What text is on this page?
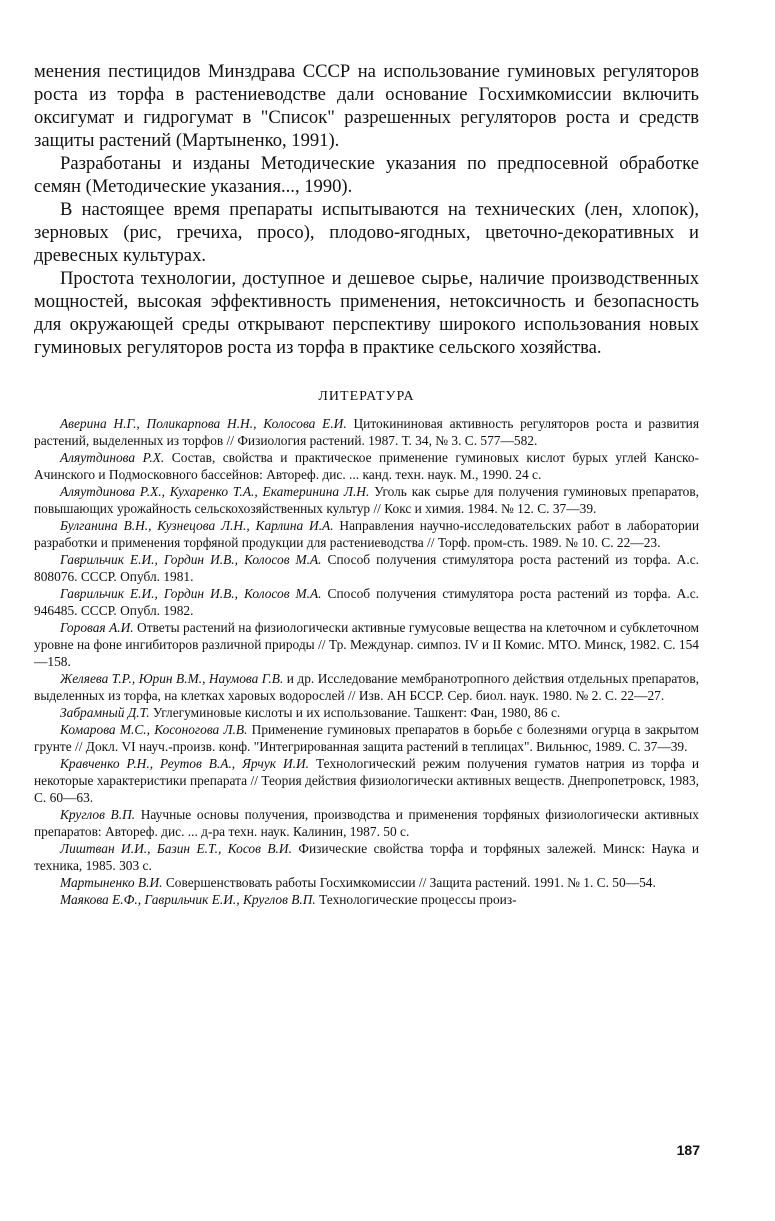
менения пестицидов Минздрава СССР на использование гуминовых регуляторов роста из торфа в растениеводстве дали основание Госхимкомиссии включить оксигумат и гидрогумат в "Список" разрешенных регуляторов роста и средств защиты растений (Мартыненко, 1991).

Разработаны и изданы Методические указания по предпосевной обработке семян (Методические указания..., 1990).

В настоящее время препараты испытываются на технических (лен, хлопок), зерновых (рис, гречиха, просо), плодово-ягодных, цветочно-декоративных и древесных культурах.

Простота технологии, доступное и дешевое сырье, наличие производственных мощностей, высокая эффективность применения, нетоксичность и безопасность для окружающей среды открывают перспективу широкого использования новых гуминовых регуляторов роста из торфа в практике сельского хозяйства.

ЛИТЕРАТУРА

Аверина Н.Г., Поликарпова Н.Н., Колосова Е.И. Цитокининовая активность регуляторов роста и развития растений, выделенных из торфов // Физиология растений. 1987. Т. 34, № 3. С. 577—582.

Аляутдинова Р.Х. Состав, свойства и практическое применение гуминовых кислот бурых углей Канско-Ачинского и Подмосковного бассейнов: Автореф. дис. ... канд. техн. наук. М., 1990. 24 с.

Аляутдинова Р.Х., Кухаренко Т.А., Екатеринина Л.Н. Уголь как сырье для получения гуминовых препаратов, повышающих урожайность сельскохозяйственных культур // Кокс и химия. 1984. № 12. С. 37—39.

Булганина В.Н., Кузнецова Л.Н., Карлина И.А. Направления научно-исследовательских работ в лаборатории разработки и применения торфяной продукции для растениеводства // Торф. пром-сть. 1989. № 10. С. 22—23.

Гаврильчик Е.И., Гордин И.В., Колосов М.А. Способ получения стимулятора роста растений из торфа. А.с. 808076. СССР. Опубл. 1981.

Гаврильчик Е.И., Гордин И.В., Колосов М.А. Способ получения стимулятора роста растений из торфа. А.с. 946485. СССР. Опубл. 1982.

Горовая А.И. Ответы растений на физиологически активные гумусовые вещества на клеточном и субклеточном уровне на фоне ингибиторов различной природы // Тр. Междунар. симпоз. IV и II Комис. МТО. Минск, 1982. С. 154—158.

Желяева Т.Р., Юрин В.М., Наумова Г.В. и др. Исследование мембранотропного действия отдельных препаратов, выделенных из торфа, на клетках харовых водорослей // Изв. АН БССР. Сер. биол. наук. 1980. № 2. С. 22—27.

Забрамный Д.Т. Углегуминовые кислоты и их использование. Ташкент: Фан, 1980, 86 с.

Комарова М.С., Косоногова Л.В. Применение гуминовых препаратов в борьбе с болезнями огурца в закрытом грунте // Докл. VI науч.-произв. конф. "Интегрированная защита растений в теплицах". Вильнюс, 1989. С. 37—39.

Кравченко Р.Н., Реутов В.А., Ярчук И.И. Технологический режим получения гуматов натрия из торфа и некоторые характеристики препарата // Теория действия физиологически активных веществ. Днепропетровск, 1983, С. 60—63.

Круглов В.П. Научные основы получения, производства и применения торфяных физиологически активных препаратов: Автореф. дис. ... д-ра техн. наук. Калинин, 1987. 50 с.

Лиштван И.И., Базин Е.Т., Косов В.И. Физические свойства торфа и торфяных залежей. Минск: Наука и техника, 1985. 303 с.

Мартыненко В.И. Совершенствовать работы Госхимкомиссии // Защита растений. 1991. № 1. С. 50—54.

Маякова Е.Ф., Гаврильчик Е.И., Круглов В.П. Технологические процессы произ-

187
